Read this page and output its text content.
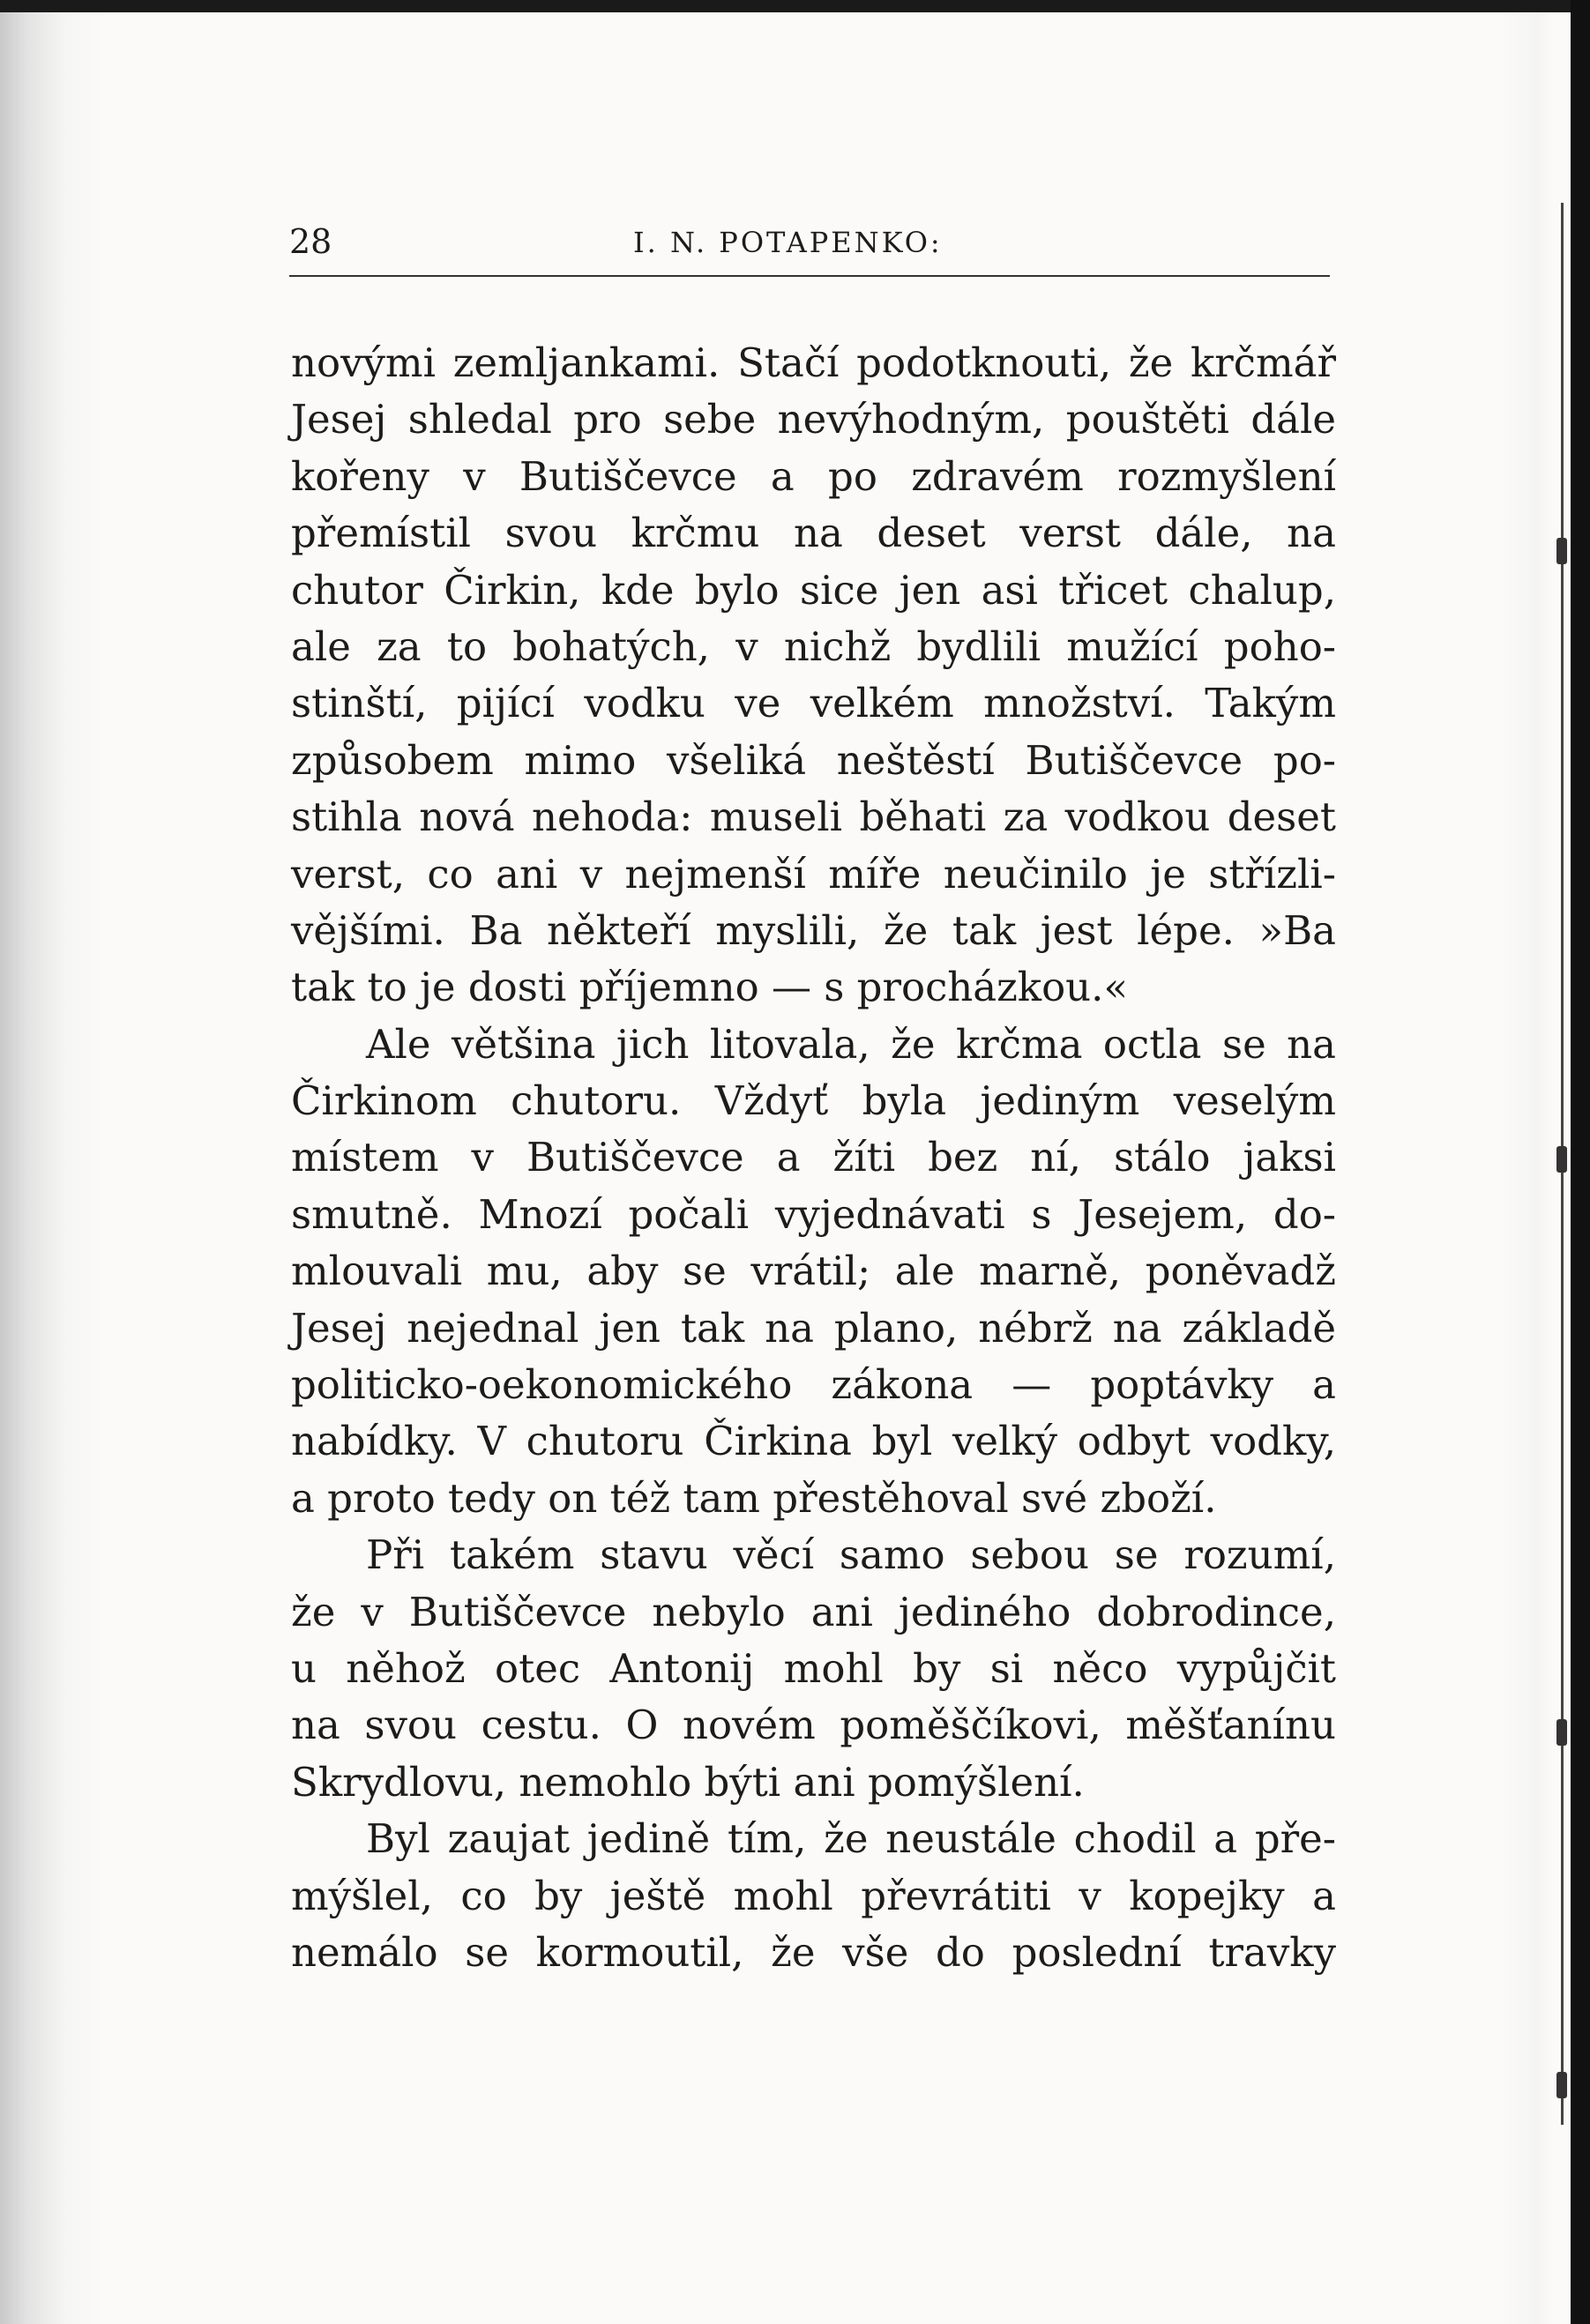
28	I. N. POTAPENKO:
novými zemljankami. Stačí podotknouti, že krčmář
Jesej shledal pro sebe nevýhodným, pouštěti dále
kořeny v Butiščevce a po zdravém rozmyšlení
přemístil svou krčmu na deset verst dále, na
chutor Čirkin, kde bylo sice jen asi třicet chalup,
ale za to bohatých, v nichž bydlili mužící poho-
stinští, pijící vodku ve velkém množství. Takým
způsobem mimo všeliká neštěstí Butiščevce po-
stihla nová nehoda: museli běhati za vodkou deset
verst, co ani v nejmenší míře neučinilo je střízli-
vějšími. Ba někteří myslili, že tak jest lépe. »Ba
tak to je dosti příjemno — s procházkou.«
Ale většina jich litovala, že krčma octla se na
Čirkinom chutoru. Vždyť byla jediným veselým
místem v Butiščevce a žíti bez ní, stálo jaksi
smutně. Mnozí počali vyjednávati s Jesejem, do-
mlouvali mu, aby se vrátil; ale marně, poněvadž
Jesej nejednal jen tak na plano, nébrž na základě
politicko-oekonomického zákona — poptávky a
nabídky. V chutoru Čirkina byl velký odbyt vodky,
a proto tedy on též tam přestěhoval své zboží.
Při takém stavu věcí samo sebou se rozumí,
že v Butiščevce nebylo ani jediného dobrodince,
u něhož otec Antonij mohl by si něco vypůjčit
na svou cestu. O novém poměščíkovi, měšťanínu
Skrydlovu, nemohlo býti ani pomýšlení.
Byl zaujat jedině tím, že neustále chodil a pře-
mýšlel, co by ještě mohl převrátiti v kopejky a
nemálo se kormoutil, že vše do poslední travky
